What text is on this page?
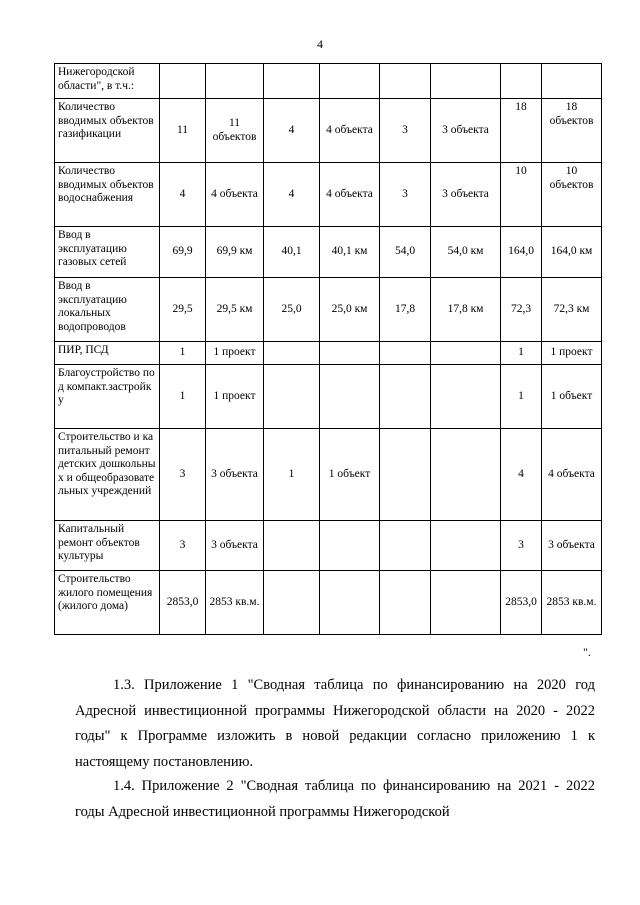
4
Нижегородской области", в т.ч.:								
Количество вводимых объектов газификации	11	11 объектов	4	4 объекта	3	3 объекта	18	18 объектов
Количество вводимых объектов водоснабжения	4	4 объекта	4	4 объекта	3	3 объекта	10	10 объектов
Ввод в эксплуатацию газовых сетей	69,9	69,9 км	40,1	40,1 км	54,0	54,0 км	164,0	164,0 км
Ввод в эксплуатацию локальных водопроводов	29,5	29,5 км	25,0	25,0 км	17,8	17,8 км	72,3	72,3 км
ПИР, ПСД	1	1 проект					1	1 проект
Благоустройство под компакт.застройку	1	1 проект					1	1 объект
Строительство и капитальный ремонт детских дошкольных и общеобразовательных учреждений	3	3 объекта	1	1 объект			4	4 объекта
Капитальный ремонт объектов культуры	3	3 объекта					3	3 объекта
Строительство жилого помещения (жилого дома)	2853,0	2853 кв.м.					2853,0	2853 кв.м.
".
1.3. Приложение 1 "Сводная таблица по финансированию на 2020 год Адресной инвестиционной программы Нижегородской области на 2020 - 2022 годы" к Программе изложить в новой редакции согласно приложению 1 к настоящему постановлению.
1.4. Приложение 2 "Сводная таблица по финансированию на 2021 - 2022 годы Адресной инвестиционной программы Нижегородской
